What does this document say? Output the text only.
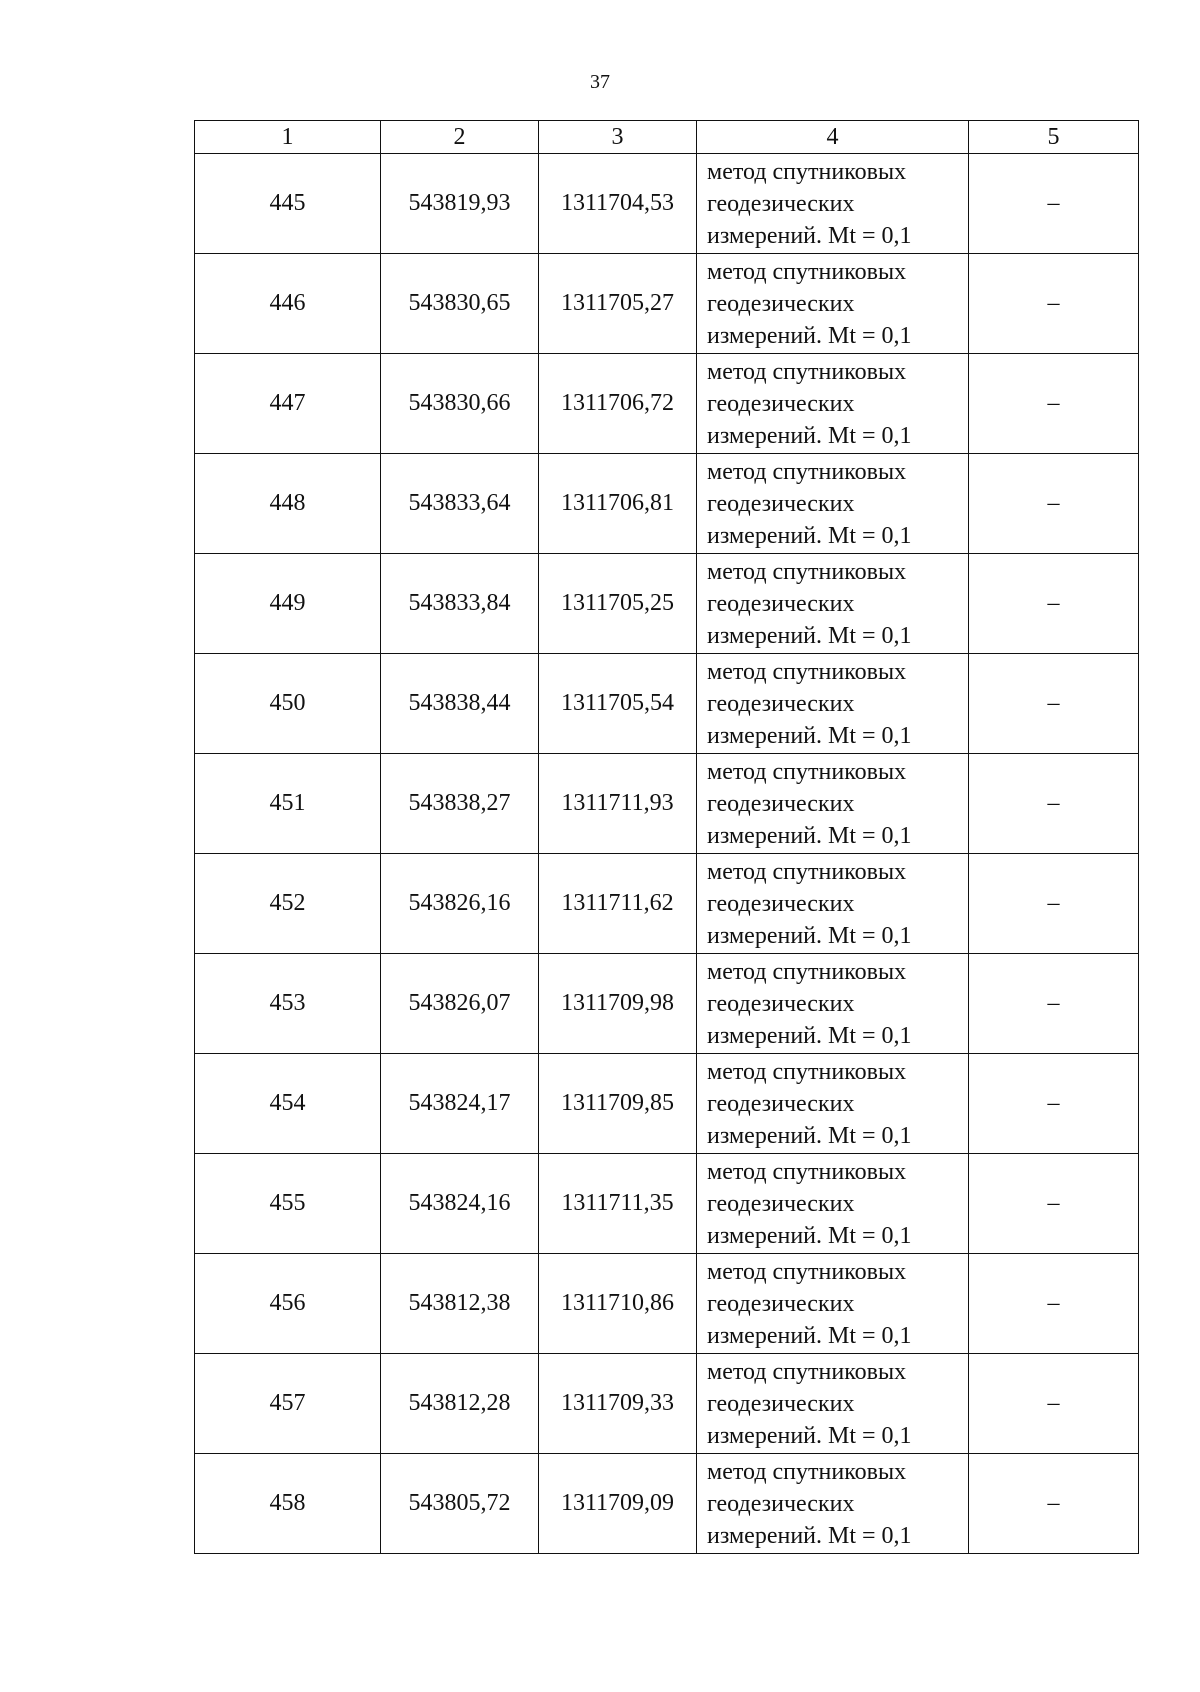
37
1	2	3	4	5
445	543819,93	1311704,53	метод спутниковых
геодезических
измерений. Mt = 0,1	–
446	543830,65	1311705,27	метод спутниковых
геодезических
измерений. Mt = 0,1	–
447	543830,66	1311706,72	метод спутниковых
геодезических
измерений. Mt = 0,1	–
448	543833,64	1311706,81	метод спутниковых
геодезических
измерений. Mt = 0,1	–
449	543833,84	1311705,25	метод спутниковых
геодезических
измерений. Mt = 0,1	–
450	543838,44	1311705,54	метод спутниковых
геодезических
измерений. Mt = 0,1	–
451	543838,27	1311711,93	метод спутниковых
геодезических
измерений. Mt = 0,1	–
452	543826,16	1311711,62	метод спутниковых
геодезических
измерений. Mt = 0,1	–
453	543826,07	1311709,98	метод спутниковых
геодезических
измерений. Mt = 0,1	–
454	543824,17	1311709,85	метод спутниковых
геодезических
измерений. Mt = 0,1	–
455	543824,16	1311711,35	метод спутниковых
геодезических
измерений. Mt = 0,1	–
456	543812,38	1311710,86	метод спутниковых
геодезических
измерений. Mt = 0,1	–
457	543812,28	1311709,33	метод спутниковых
геодезических
измерений. Mt = 0,1	–
458	543805,72	1311709,09	метод спутниковых
геодезических
измерений. Mt = 0,1	–
